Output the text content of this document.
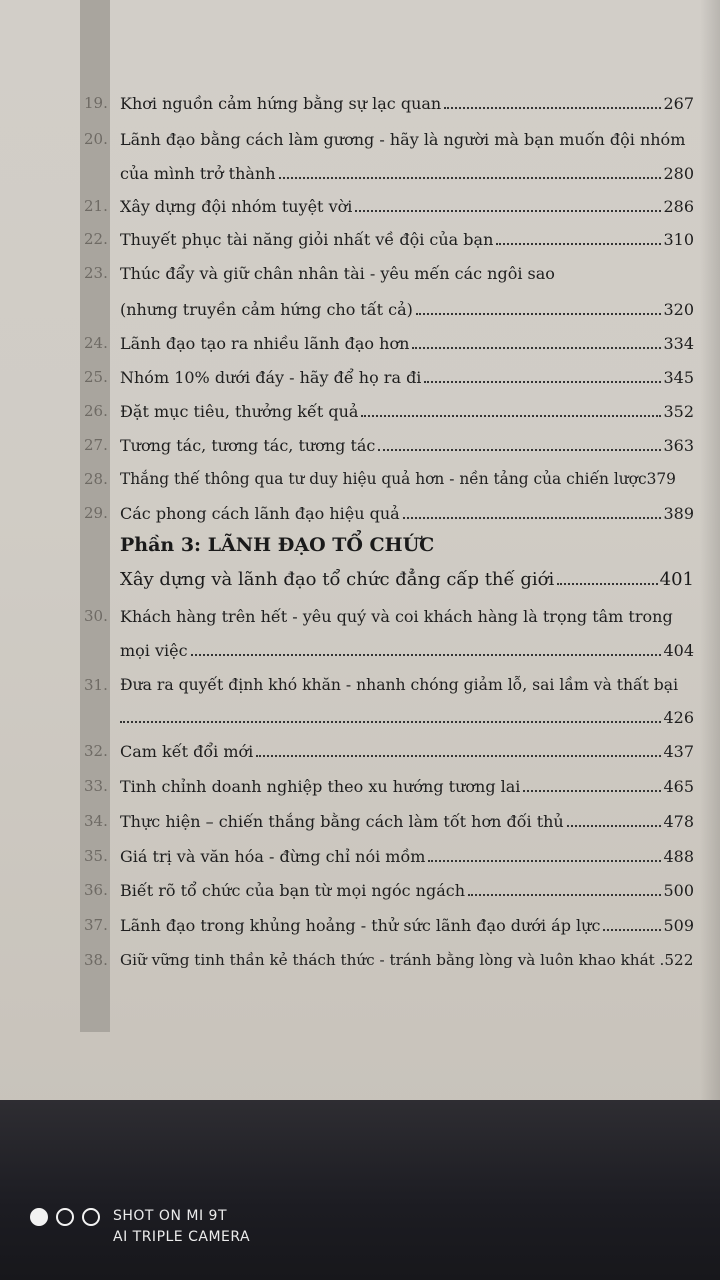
19. Khơi nguồn cảm hứng bằng sự lạc quan	267
20. Lãnh đạo bằng cách làm gương - hãy là người mà bạn muốn đội nhóm
của mình trở thành	280
21. Xây dựng đội nhóm tuyệt vời	286
22. Thuyết phục tài năng giỏi nhất về đội của bạn	310
23. Thúc đẩy và giữ chân nhân tài - yêu mến các ngôi sao
(nhưng truyền cảm hứng cho tất cả)	320
24. Lãnh đạo tạo ra nhiều lãnh đạo hơn	334
25. Nhóm 10% dưới đáy - hãy để họ ra đi	345
26. Đặt mục tiêu, thưởng kết quả	352
27. Tương tác, tương tác, tương tác	363
28. Thắng thế thông qua tư duy hiệu quả hơn - nền tảng của chiến lược 379
29. Các phong cách lãnh đạo hiệu quả	389
Phần 3: LÃNH ĐẠO TỔ CHỨC
Xây dựng và lãnh đạo tổ chức đẳng cấp thế giới	401
30. Khách hàng trên hết - yêu quý và coi khách hàng là trọng tâm trong
mọi việc	404
31. Đưa ra quyết định khó khăn - nhanh chóng giảm lỗ, sai lầm và thất bại
426
32. Cam kết đổi mới	437
33. Tinh chỉnh doanh nghiệp theo xu hướng tương lai	465
34. Thực hiện – chiến thắng bằng cách làm tốt hơn đối thủ	478
35. Giá trị và văn hóa - đừng chỉ nói mồm	488
36. Biết rõ tổ chức của bạn từ mọi ngóc ngách	500
37. Lãnh đạo trong khủng hoảng - thử sức lãnh đạo dưới áp lực	509
38. Giữ vững tinh thần kẻ thách thức - tránh bằng lòng và luôn khao khát . 522
SHOT ON MI 9T
AI TRIPLE CAMERA
